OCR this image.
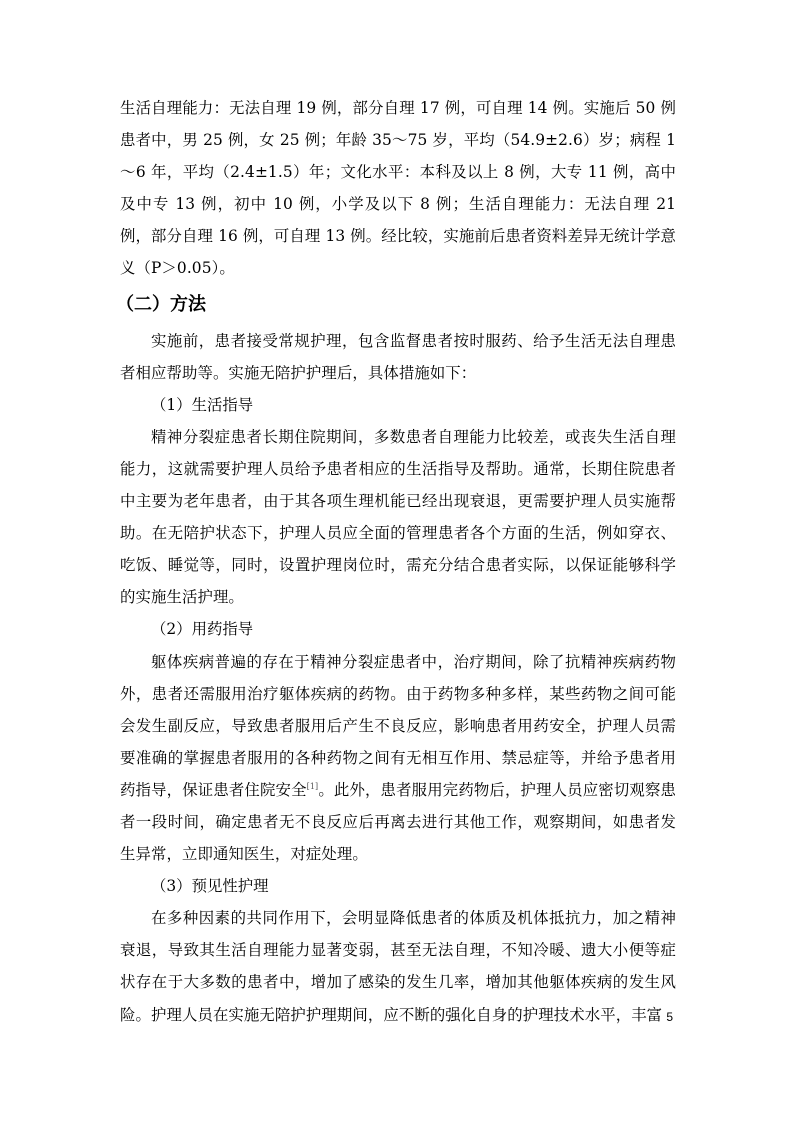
生活自理能力：无法自理 19 例，部分自理 17 例，可自理 14 例。实施后 50 例患者中，男 25 例，女 25 例；年龄 35～75 岁，平均（54.9±2.6）岁；病程 1～6 年，平均（2.4±1.5）年；文化水平：本科及以上 8 例，大专 11 例，高中及中专 13 例，初中 10 例，小学及以下 8 例；生活自理能力：无法自理 21 例，部分自理 16 例，可自理 13 例。经比较，实施前后患者资料差异无统计学意义（P＞0.05）。

（二）方法

实施前，患者接受常规护理，包含监督患者按时服药、给予生活无法自理患者相应帮助等。实施无陪护护理后，具体措施如下：

（1）生活指导

精神分裂症患者长期住院期间，多数患者自理能力比较差，或丧失生活自理能力，这就需要护理人员给予患者相应的生活指导及帮助。通常，长期住院患者中主要为老年患者，由于其各项生理机能已经出现衰退，更需要护理人员实施帮助。在无陪护状态下，护理人员应全面的管理患者各个方面的生活，例如穿衣、吃饭、睡觉等，同时，设置护理岗位时，需充分结合患者实际，以保证能够科学的实施生活护理。

（2）用药指导

躯体疾病普遍的存在于精神分裂症患者中，治疗期间，除了抗精神疾病药物外，患者还需服用治疗躯体疾病的药物。由于药物多种多样，某些药物之间可能会发生副反应，导致患者服用后产生不良反应，影响患者用药安全，护理人员需要准确的掌握患者服用的各种药物之间有无相互作用、禁忌症等，并给予患者用药指导，保证患者住院安全[1]。此外，患者服用完药物后，护理人员应密切观察患者一段时间，确定患者无不良反应后再离去进行其他工作，观察期间，如患者发生异常，立即通知医生，对症处理。

（3）预见性护理

在多种因素的共同作用下，会明显降低患者的体质及机体抵抗力，加之精神衰退，导致其生活自理能力显著变弱，甚至无法自理，不知冷暖、遗大小便等症状存在于大多数的患者中，增加了感染的发生几率，增加其他躯体疾病的发生风险。护理人员在实施无陪护护理期间，应不断的强化自身的护理技术水平，丰富 5
